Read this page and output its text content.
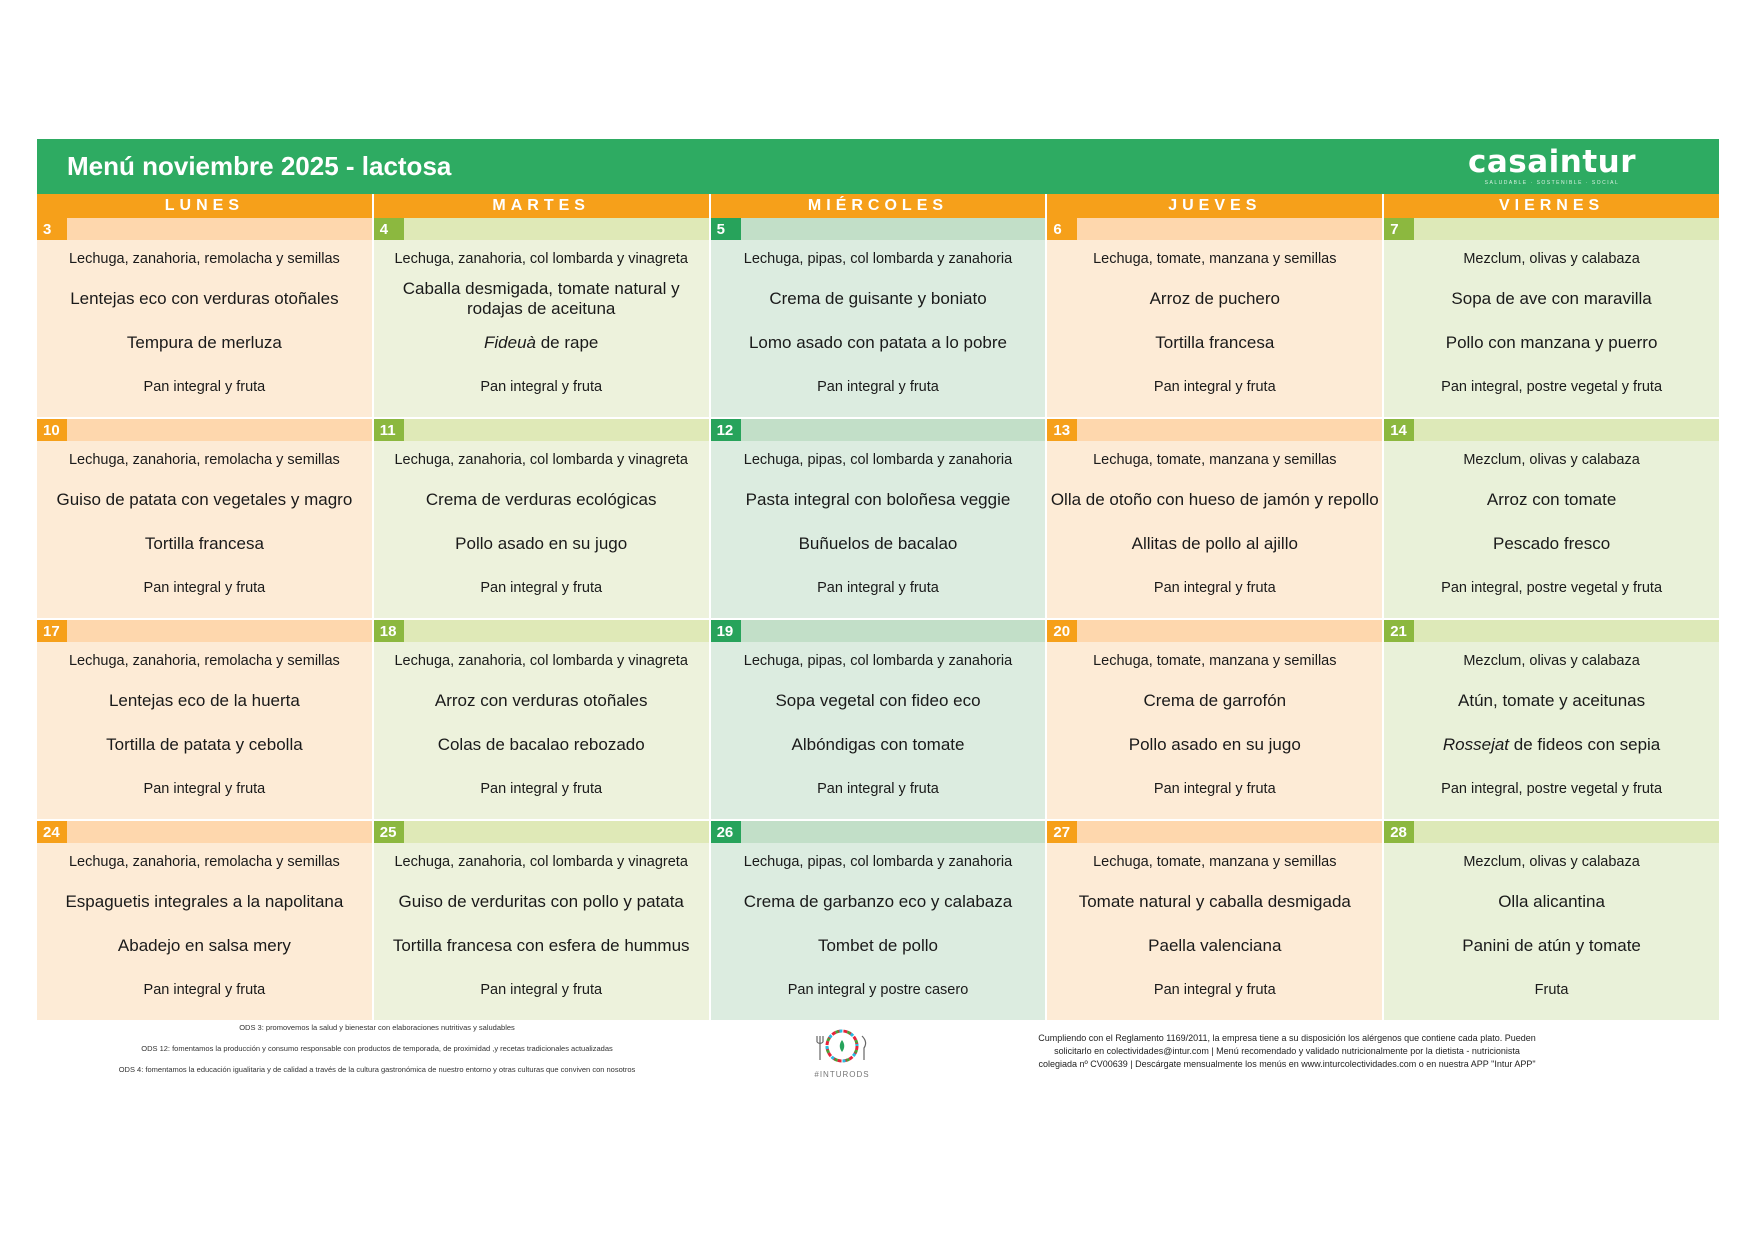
Menú noviembre 2025 - lactosa	casaintur
SALUDABLE · SOSTENIBLE · SOCIAL
LUNES	MARTES	MIÉRCOLES	JUEVES	VIERNES
3
Lechuga, zanahoria, remolacha y semillas
Lentejas eco con verduras otoñales
Tempura de merluza
Pan integral y fruta
4
Lechuga, zanahoria, col lombarda y vinagreta
Caballa desmigada, tomate natural y rodajas de aceituna
Fideuà
de rape
Pan integral y fruta
5
Lechuga, pipas, col lombarda y zanahoria
Crema de guisante y boniato
Lomo asado con patata a lo pobre
Pan integral y fruta
6
Lechuga, tomate, manzana y semillas
Arroz de puchero
Tortilla francesa
Pan integral y fruta
7
Mezclum, olivas y calabaza
Sopa de ave con maravilla
Pollo con manzana y puerro
Pan integral, postre vegetal y fruta
10
Lechuga, zanahoria, remolacha y semillas
Guiso de patata con vegetales y magro
Tortilla francesa
Pan integral y fruta
11
Lechuga, zanahoria, col lombarda y vinagreta
Crema de verduras ecológicas
Pollo asado en su jugo
Pan integral y fruta
12
Lechuga, pipas, col lombarda y zanahoria
Pasta integral con boloñesa veggie
Buñuelos de bacalao
Pan integral y fruta
13
Lechuga, tomate, manzana y semillas
Olla de otoño con hueso de jamón y repollo
Allitas de pollo al ajillo
Pan integral y fruta
14
Mezclum, olivas y calabaza
Arroz con tomate
Pescado fresco
Pan integral, postre vegetal y fruta
17
Lechuga, zanahoria, remolacha y semillas
Lentejas eco de la huerta
Tortilla de patata y cebolla
Pan integral y fruta
18
Lechuga, zanahoria, col lombarda y vinagreta
Arroz con verduras otoñales
Colas de bacalao rebozado
Pan integral y fruta
19
Lechuga, pipas, col lombarda y zanahoria
Sopa vegetal con fideo eco
Albóndigas con tomate
Pan integral y fruta
20
Lechuga, tomate, manzana y semillas
Crema de garrofón
Pollo asado en su jugo
Pan integral y fruta
21
Mezclum, olivas y calabaza
Atún, tomate y aceitunas
Rossejat
de fideos con sepia
Pan integral, postre vegetal y fruta
24
Lechuga, zanahoria, remolacha y semillas
Espaguetis integrales a la napolitana
Abadejo en salsa mery
Pan integral y fruta
25
Lechuga, zanahoria, col lombarda y vinagreta
Guiso de verduritas con pollo y patata
Tortilla francesa con esfera de hummus
Pan integral y fruta
26
Lechuga, pipas, col lombarda y zanahoria
Crema de garbanzo eco y calabaza
Tombet de pollo
Pan integral y postre casero
27
Lechuga, tomate, manzana y semillas
Tomate natural y caballa desmigada
Paella valenciana
Pan integral y fruta
28
Mezclum, olivas y calabaza
Olla alicantina
Panini de atún y tomate
Fruta

ODS 3: promovemos la salud y bienestar con elaboraciones nutritivas y saludables

ODS 12: fomentamos la producción y consumo responsable con productos de temporada, de proximidad ,y recetas tradicionales actualizadas

ODS 4: fomentamos la educación igualitaria y de calidad a través de la cultura gastronómica de nuestro entorno y otras culturas que conviven con nosotros

#INTURODS
Cumpliendo con el Reglamento 1169/2011, la empresa tiene a su disposición los alérgenos que contiene cada plato. Pueden solicitarlo en colectividades@intur.com | Menú recomendado y validado nutricionalmente por la dietista - nutricionista colegiada nº CV00639 | Descárgate mensualmente los menús en www.inturcolectividades.com o en nuestra APP "Intur APP"
